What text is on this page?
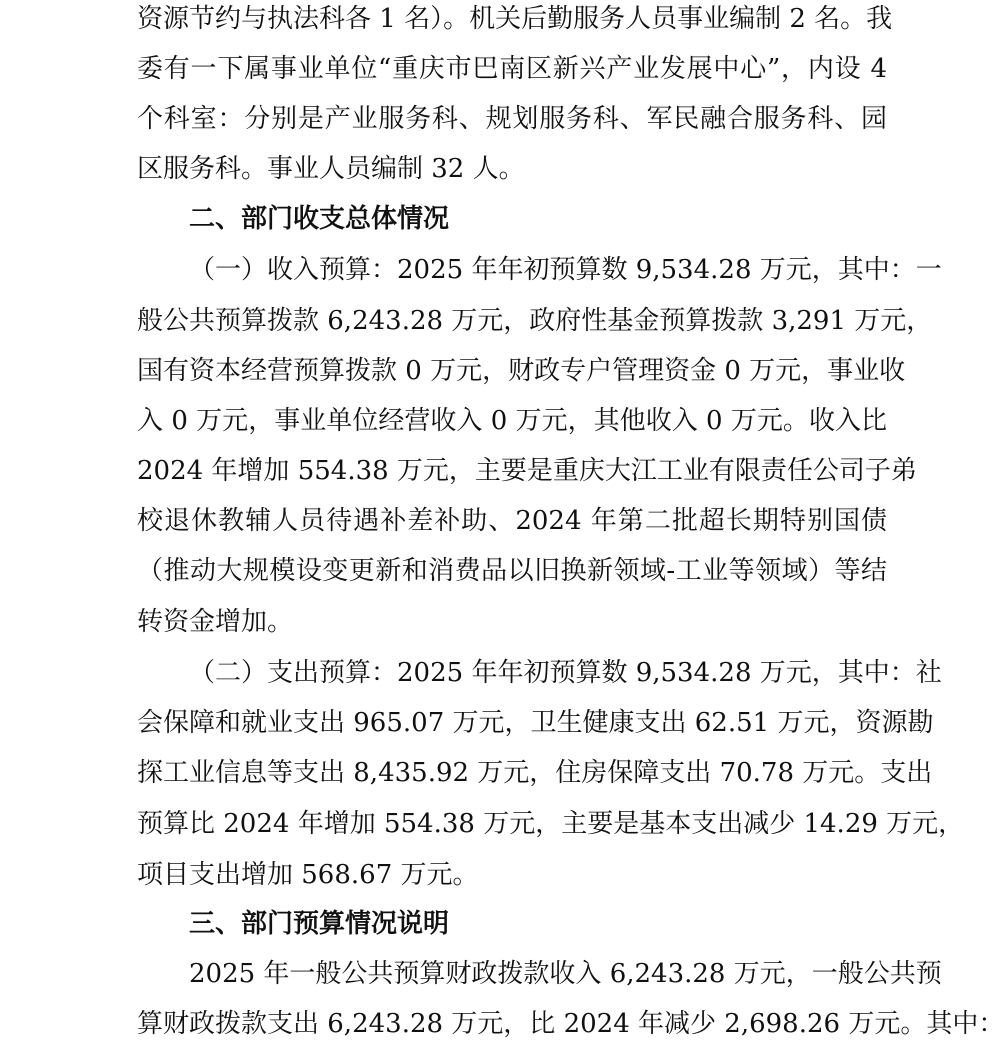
资源节约与执法科各 1 名）。机关后勤服务人员事业编制 2 名。我
委有一下属事业单位“重庆市巴南区新兴产业发展中心”，内设 4
个科室：分别是产业服务科、规划服务科、军民融合服务科、园
区服务科。事业人员编制 32 人。
二、部门收支总体情况
（一）收入预算：2025 年年初预算数 9,534.28 万元，其中：一
般公共预算拨款 6,243.28 万元，政府性基金预算拨款 3,291 万元，
国有资本经营预算拨款 0 万元，财政专户管理资金 0 万元，事业收
入 0 万元，事业单位经营收入 0 万元，其他收入 0 万元。收入比
2024 年增加 554.38 万元，主要是重庆大江工业有限责任公司子弟
校退休教辅人员待遇补差补助、2024 年第二批超长期特别国债
（推动大规模设变更新和消费品以旧换新领域-工业等领域）等结
转资金增加。
（二）支出预算：2025 年年初预算数 9,534.28 万元，其中：社
会保障和就业支出 965.07 万元，卫生健康支出 62.51 万元，资源勘
探工业信息等支出 8,435.92 万元，住房保障支出 70.78 万元。支出
预算比 2024 年增加 554.38 万元，主要是基本支出减少 14.29 万元，
项目支出增加 568.67 万元。
三、部门预算情况说明
2025 年一般公共预算财政拨款收入 6,243.28 万元，一般公共预
算财政拨款支出 6,243.28 万元，比 2024 年减少 2,698.26 万元。其中：
